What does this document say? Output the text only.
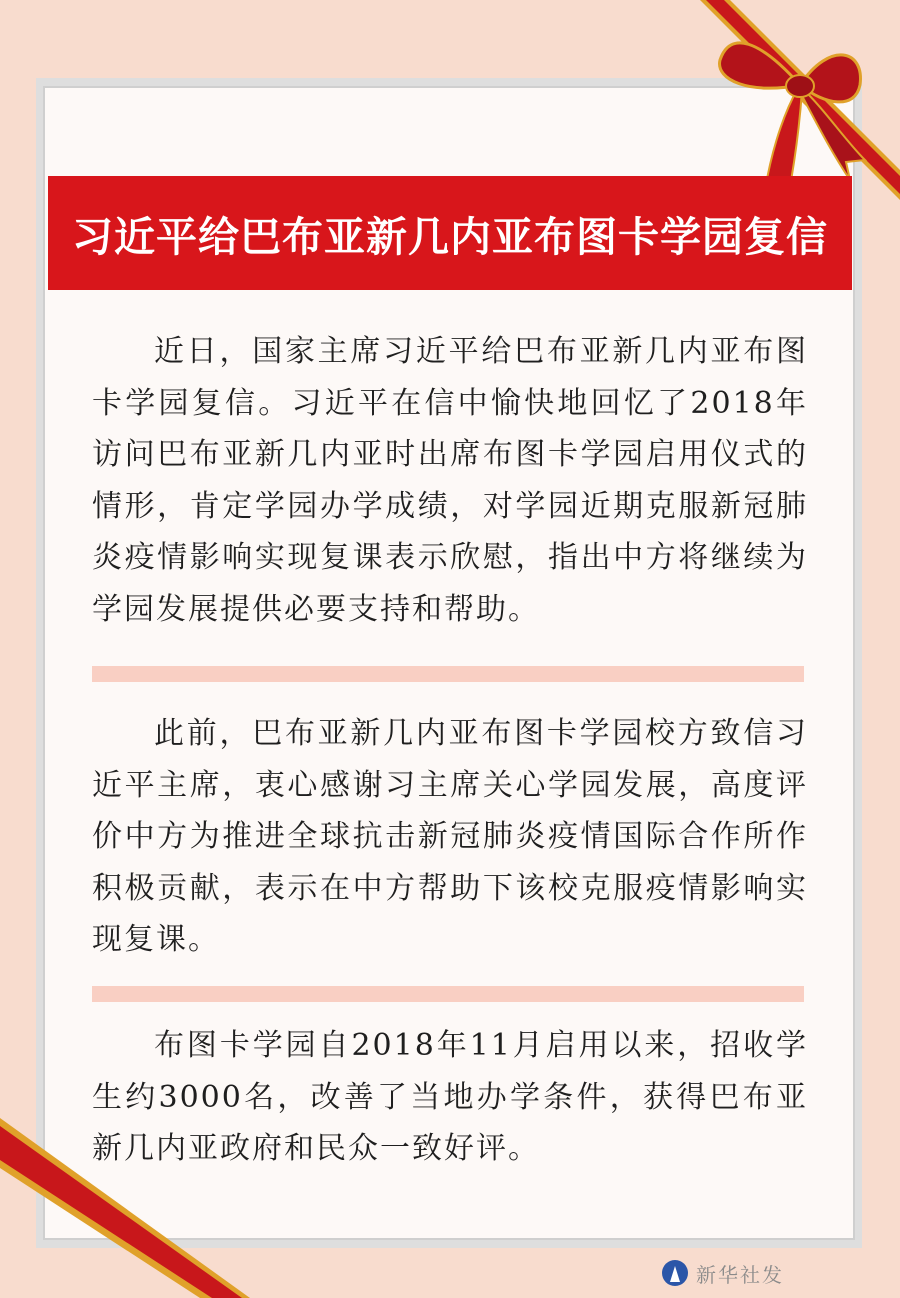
习近平给巴布亚新几内亚布图卡学园复信

近日，国家主席习近平给巴布亚新几内亚布图卡学园复信。习近平在信中愉快地回忆了2018年访问巴布亚新几内亚时出席布图卡学园启用仪式的情形，肯定学园办学成绩，对学园近期克服新冠肺炎疫情影响实现复课表示欣慰，指出中方将继续为学园发展提供必要支持和帮助。

此前，巴布亚新几内亚布图卡学园校方致信习近平主席，衷心感谢习主席关心学园发展，高度评价中方为推进全球抗击新冠肺炎疫情国际合作所作积极贡献，表示在中方帮助下该校克服疫情影响实现复课。

布图卡学园自2018年11月启用以来，招收学生约3000名，改善了当地办学条件，获得巴布亚新几内亚政府和民众一致好评。

新华社发
